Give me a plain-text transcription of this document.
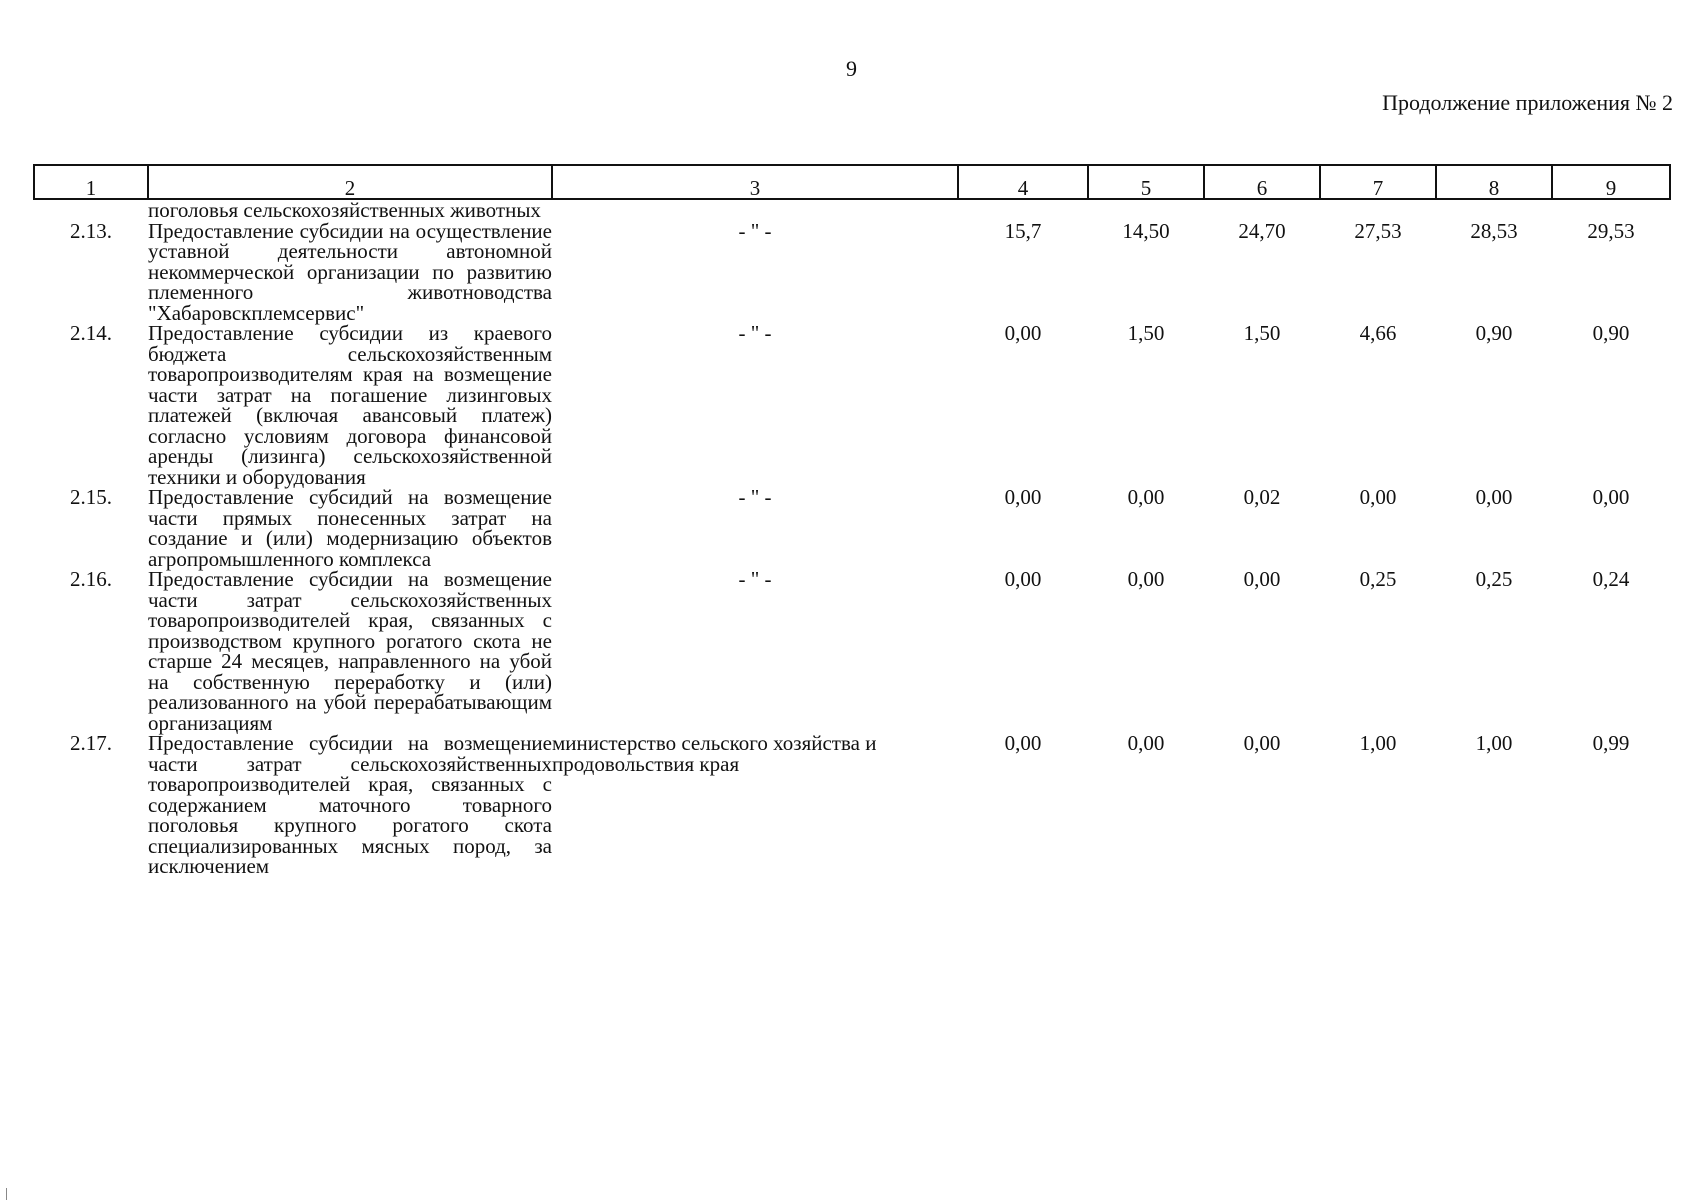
9
Продолжение приложения № 2
1	2	3	4	5	6	7	8	9
	поголовья сельскохозяйственных животных							
2.13.	Предоставление субсидии на осуществление уставной деятельности автономной некоммерческой организации по развитию племенного животноводства "Хабаровскплемсервис"	- " -	15,7	14,50	24,70	27,53	28,53	29,53
2.14.	Предоставление субсидии из краевого бюджета сельскохозяйственным товаропроизводителям края на возмещение части затрат на погашение лизинговых платежей (включая авансовый платеж) согласно условиям договора финансовой аренды (лизинга) сельскохозяйственной техники и оборудования	- " -	0,00	1,50	1,50	4,66	0,90	0,90
2.15.	Предоставление субсидий на возмещение части прямых понесенных затрат на создание и (или) модернизацию объектов агропромышленного комплекса	- " -	0,00	0,00	0,02	0,00	0,00	0,00
2.16.	Предоставление субсидии на возмещение части затрат сельскохозяйственных товаропроизводителей края, связанных с производством крупного рогатого скота не старше 24 месяцев, направленного на убой на собственную переработку и (или) реализованного на убой перерабатывающим организациям	- " -	0,00	0,00	0,00	0,25	0,25	0,24
2.17.	Предоставление субсидии на возмещение части затрат сельскохозяйственных товаропроизводителей края, связанных с содержанием маточного товарного поголовья крупного рогатого скота специализированных мясных пород, за исключением	министерство сельского хозяйства и продовольствия края	0,00	0,00	0,00	1,00	1,00	0,99
